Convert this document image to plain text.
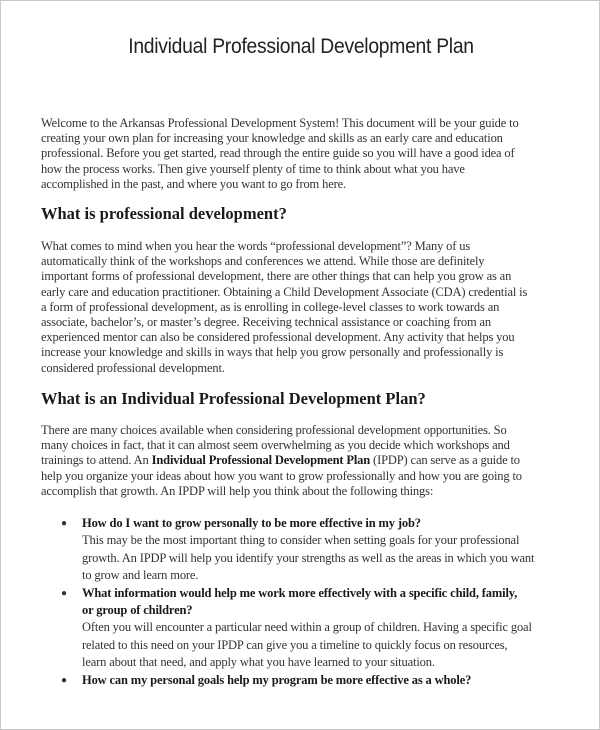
Individual Professional Development Plan
Welcome to the Arkansas Professional Development System! This document will be your guide to
creating your own plan for increasing your knowledge and skills as an early care and education
professional. Before you get started, read through the entire guide so you will have a good idea of
how the process works. Then give yourself plenty of time to think about what you have
accomplished in the past, and where you want to go from here.
What is professional development?
What comes to mind when you hear the words “professional development”? Many of us
automatically think of the workshops and conferences we attend. While those are definitely
important forms of professional development, there are other things that can help you grow as an
early care and education practitioner. Obtaining a Child Development Associate (CDA) credential is
a form of professional development, as is enrolling in college-level classes to work towards an
associate, bachelor’s, or master’s degree. Receiving technical assistance or coaching from an
experienced mentor can also be considered professional development. Any activity that helps you
increase your knowledge and skills in ways that help you grow personally and professionally is
considered professional development.
What is an Individual Professional Development Plan?
There are many choices available when considering professional development opportunities. So
many choices in fact, that it can almost seem overwhelming as you decide which workshops and
trainings to attend. An Individual Professional Development Plan (IPDP) can serve as a guide to
help you organize your ideas about how you want to grow professionally and how you are going to
accomplish that growth. An IPDP will help you think about the following things:
● How do I want to grow personally to be more effective in my job?
This may be the most important thing to consider when setting goals for your professional
growth. An IPDP will help you identify your strengths as well as the areas in which you want
to grow and learn more.
● What information would help me work more effectively with a specific child, family,
or group of children?
Often you will encounter a particular need within a group of children. Having a specific goal
related to this need on your IPDP can give you a timeline to quickly focus on resources,
learn about that need, and apply what you have learned to your situation.
● How can my personal goals help my program be more effective as a whole?
